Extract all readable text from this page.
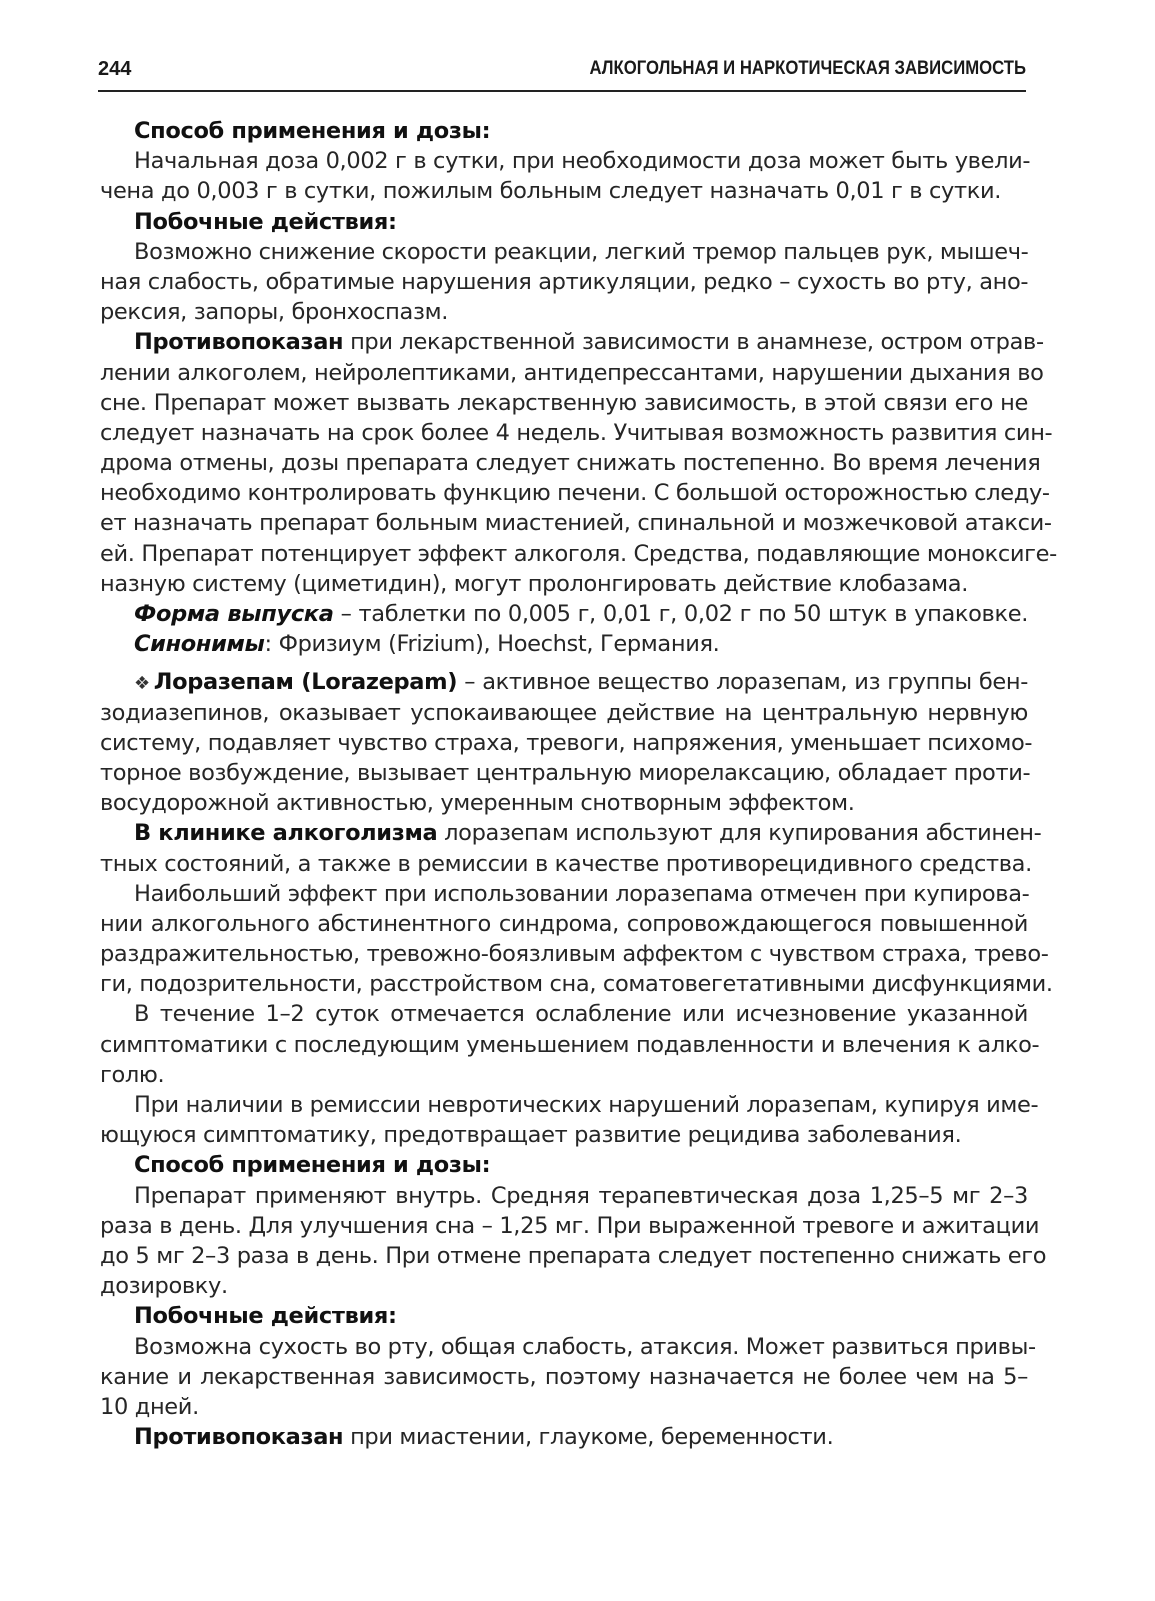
244	АЛКОГОЛЬНАЯ И НАРКОТИЧЕСКАЯ ЗАВИСИМОСТЬ
Способ применения и дозы:
Начальная доза 0,002 г в сутки, при необходимости доза может быть увели-
чена до 0,003 г в сутки, пожилым больным следует назначать 0,01 г в сутки.
Побочные действия:
Возможно снижение скорости реакции, легкий тремор пальцев рук, мышеч-
ная слабость, обратимые нарушения артикуляции, редко – сухость во рту, ано-
рексия, запоры, бронхоспазм.
Противопоказан при лекарственной зависимости в анамнезе, остром отрав-
лении алкоголем, нейролептиками, антидепрессантами, нарушении дыхания во
сне. Препарат может вызвать лекарственную зависимость, в этой связи его не
следует назначать на срок более 4 недель. Учитывая возможность развития син-
дрома отмены, дозы препарата следует снижать постепенно. Во время лечения
необходимо контролировать функцию печени. С большой осторожностью следу-
ет назначать препарат больным миастенией, спинальной и мозжечковой атакси-
ей. Препарат потенцирует эффект алкоголя. Средства, подавляющие моноксиге-
назную систему (циметидин), могут пролонгировать действие клобазама.
Форма выпуска – таблетки по 0,005 г, 0,01 г, 0,02 г по 50 штук в упаковке.
Синонимы: Фризиум (Frizium), Hoechst, Германия.
❖ Лоразепам (Lorazepam) – активное вещество лоразепам, из группы бен-
зодиазепинов, оказывает успокаивающее действие на центральную нервную
систему, подавляет чувство страха, тревоги, напряжения, уменьшает психомо-
торное возбуждение, вызывает центральную миорелаксацию, обладает проти-
восудорожной активностью, умеренным снотворным эффектом.
В клинике алкоголизма лоразепам используют для купирования абстинен-
тных состояний, а также в ремиссии в качестве противорецидивного средства.
Наибольший эффект при использовании лоразепама отмечен при купирова-
нии алкогольного абстинентного синдрома, сопровождающегося повышенной
раздражительностью, тревожно-боязливым аффектом с чувством страха, трево-
ги, подозрительности, расстройством сна, соматовегетативными дисфункциями.
В течение 1–2 суток отмечается ослабление или исчезновение указанной
симптоматики с последующим уменьшением подавленности и влечения к алко-
голю.
При наличии в ремиссии невротических нарушений лоразепам, купируя име-
ющуюся симптоматику, предотвращает развитие рецидива заболевания.
Способ применения и дозы:
Препарат применяют внутрь. Средняя терапевтическая доза 1,25–5 мг 2–3
раза в день. Для улучшения сна – 1,25 мг. При выраженной тревоге и ажитации
до 5 мг 2–3 раза в день. При отмене препарата следует постепенно снижать его
дозировку.
Побочные действия:
Возможна сухость во рту, общая слабость, атаксия. Может развиться привы-
кание и лекарственная зависимость, поэтому назначается не более чем на 5–
10 дней.
Противопоказан при миастении, глаукоме, беременности.
